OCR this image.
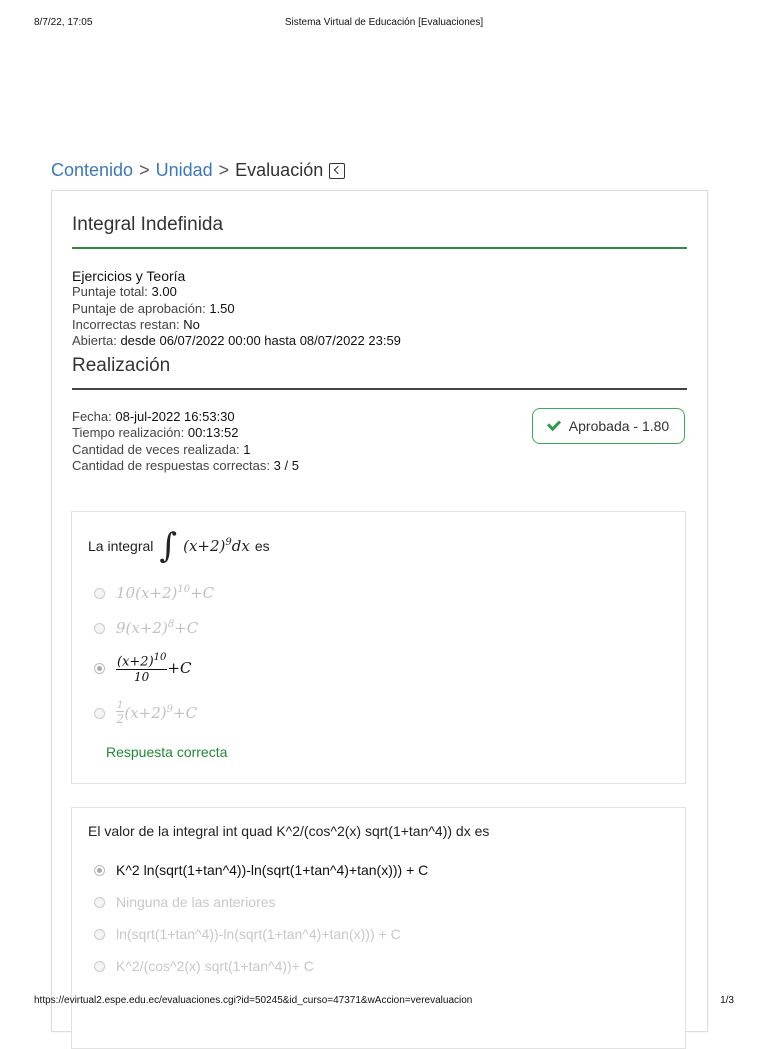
8/7/22, 17:05	Sistema Virtual de Educación [Evaluaciones]
Contenido > Unidad > Evaluación
Integral Indefinida
Ejercicios y Teoría
Puntaje total: 3.00
Puntaje de aprobación: 1.50
Incorrectas restan: No
Abierta: desde 06/07/2022 00:00 hasta 08/07/2022 23:59
Realización
Fecha: 08-jul-2022 16:53:30
Tiempo realización: 00:13:52
Cantidad de veces realizada: 1
Cantidad de respuestas correctas: 3 / 5
Aprobada - 1.80
La integral ∫ $(x+2)^9dx$ es
$10(x+2)^{10}+C$
$9(x+2)^8+C$
$\frac{(x+2)^{10}}{10} +C$
$\frac{1}{2} (x+2)^9+C$
Respuesta correcta
El valor de la integral int quad K^2/(cos^2(x) sqrt(1+tan^4)) dx es
K^2 ln(sqrt(1+tan^4))-ln(sqrt(1+tan^4)+tan(x))) + C
Ninguna de las anteriores
ln(sqrt(1+tan^4))-ln(sqrt(1+tan^4)+tan(x))) + C
K^2/(cos^2(x) sqrt(1+tan^4))+ C
https://evirtual2.espe.edu.ec/evaluaciones.cgi?id=50245&id_curso=47371&wAccion=verevaluacion	1/3
